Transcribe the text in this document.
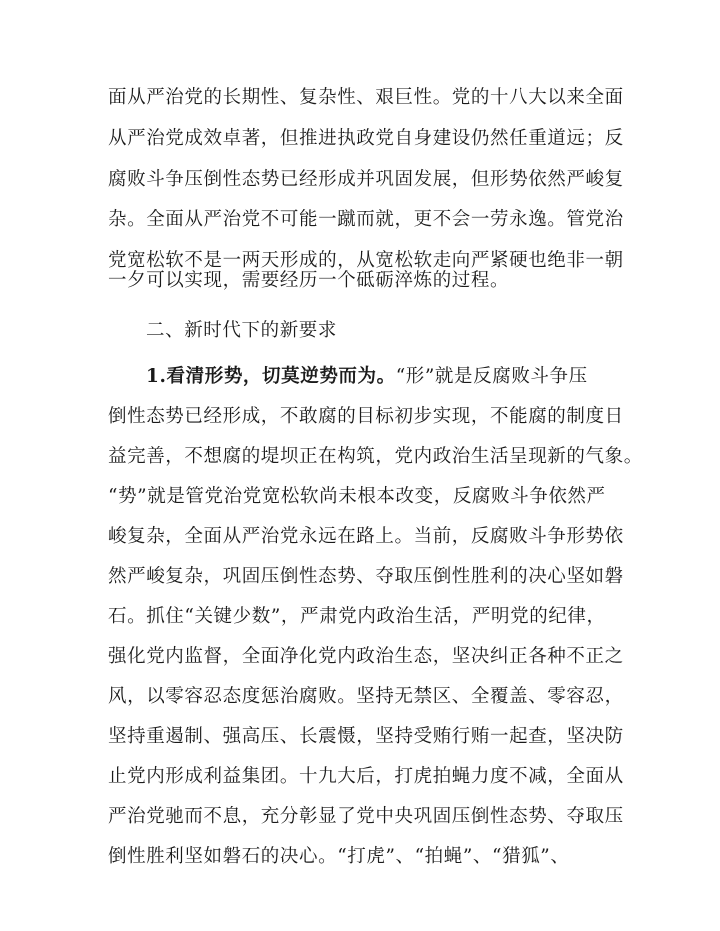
面从严治党的长期性、复杂性、艰巨性。党的十八大以来全面
从严治党成效卓著，但推进执政党自身建设仍然任重道远；反
腐败斗争压倒性态势已经形成并巩固发展，但形势依然严峻复
杂。全面从严治党不可能一蹴而就，更不会一劳永逸。管党治
党宽松软不是一两天形成的，从宽松软走向严紧硬也绝非一朝
一夕可以实现，需要经历一个砥砺淬炼的过程。
二、新时代下的新要求
1.看清形势，切莫逆势而为。“形”就是反腐败斗争压
倒性态势已经形成，不敢腐的目标初步实现，不能腐的制度日
益完善，不想腐的堤坝正在构筑，党内政治生活呈现新的气象。
“势”就是管党治党宽松软尚未根本改变，反腐败斗争依然严
峻复杂，全面从严治党永远在路上。当前，反腐败斗争形势依
然严峻复杂，巩固压倒性态势、夺取压倒性胜利的决心坚如磐
石。抓住“关键少数”，严肃党内政治生活，严明党的纪律，
强化党内监督，全面净化党内政治生态，坚决纠正各种不正之
风，以零容忍态度惩治腐败。坚持无禁区、全覆盖、零容忍，
坚持重遏制、强高压、长震慑，坚持受贿行贿一起查，坚决防
止党内形成利益集团。十九大后，打虎拍蝇力度不减，全面从
严治党驰而不息，充分彰显了党中央巩固压倒性态势、夺取压
倒性胜利坚如磐石的决心。“打虎”、“拍蝇”、“猎狐”、
